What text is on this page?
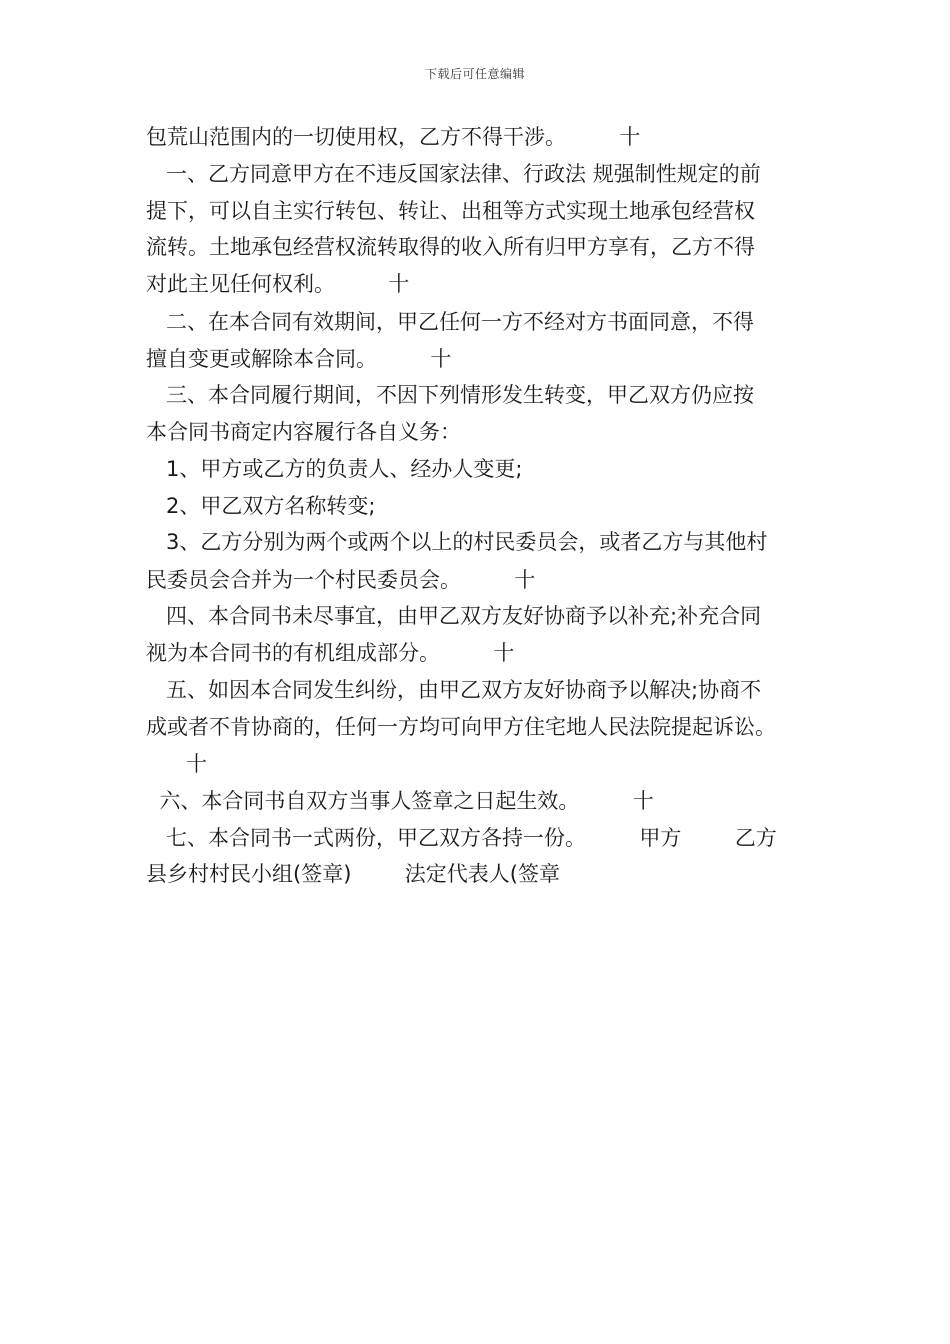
下载后可任意编辑
包荒山范围内的一切使用权，乙方不得干涉。        十
一、乙方同意甲方在不违反国家法律、行政法 规强制性规定的前
提下，可以自主实行转包、转让、出租等方式实现土地承包经营权
流转。土地承包经营权流转取得的收入所有归甲方享有，乙方不得
对此主见任何权利。        十
二、在本合同有效期间，甲乙任何一方不经对方书面同意，不得
擅自变更或解除本合同。        十
三、本合同履行期间，不因下列情形发生转变，甲乙双方仍应按
本合同书商定内容履行各自义务：
1、甲方或乙方的负责人、经办人变更;
2、甲乙双方名称转变;
3、乙方分别为两个或两个以上的村民委员会，或者乙方与其他村
民委员会合并为一个村民委员会。        十
四、本合同书未尽事宜，由甲乙双方友好协商予以补充;补充合同
视为本合同书的有机组成部分。        十
五、如因本合同发生纠纷，由甲乙双方友好协商予以解决;协商不
成或者不肯协商的，任何一方均可向甲方住宅地人民法院提起诉讼。
十
六、本合同书自双方当事人签章之日起生效。        十
七、本合同书一式两份，甲乙双方各持一份。        甲方        乙方
县乡村村民小组(签章)        法定代表人(签章
